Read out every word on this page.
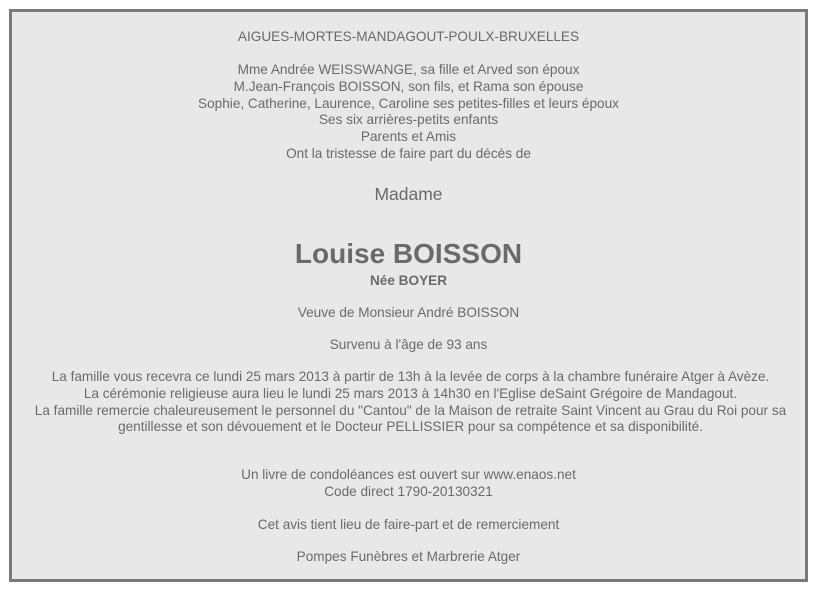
AIGUES-MORTES-MANDAGOUT-POULX-BRUXELLES

Mme Andrée WEISSWANGE, sa fille et Arved son époux

M.Jean-François BOISSON, son fils, et Rama son épouse

Sophie, Catherine, Laurence, Caroline ses petites-filles et leurs époux

Ses six arrières-petits enfants

Parents et Amis

Ont la tristesse de faire part du décès de

Madame

Louise BOISSON

Née BOYER

Veuve de Monsieur André BOISSON

Survenu à l'âge de 93 ans

La famille vous recevra ce lundi 25 mars 2013 à partir de 13h à la levée de corps à la chambre funéraire Atger à Avèze.

La cérémonie religieuse aura lieu le lundi 25 mars 2013 à 14h30 en l'Eglise deSaint Grégoire de Mandagout.

La famille remercie chaleureusement le personnel du "Cantou" de la Maison de retraite Saint Vincent au Grau du Roi pour sa gentillesse et son dévouement et le Docteur PELLISSIER pour sa compétence et sa disponibilité.

Un livre de condoléances est ouvert sur www.enaos.net

Code direct 1790-20130321

Cet avis tient lieu de faire-part et de remerciement

Pompes Funèbres et Marbrerie Atger
